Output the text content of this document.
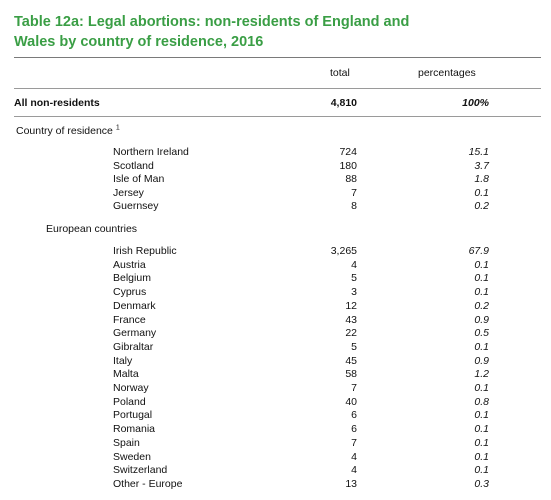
Table 12a: Legal abortions: non-residents of England and
Wales by country of residence, 2016
total	percentages
All non-residents	4,810	100%
Country of residence $^1$
Northern Ireland	724	15.1
Scotland	180	3.7
Isle of Man	88	1.8
Jersey	7	0.1
Guernsey	8	0.2
European countries
Irish Republic	3,265	67.9
Austria	4	0.1
Belgium	5	0.1
Cyprus	3	0.1
Denmark	12	0.2
France	43	0.9
Germany	22	0.5
Gibraltar	5	0.1
Italy	45	0.9
Malta	58	1.2
Norway	7	0.1
Poland	40	0.8
Portugal	6	0.1
Romania	6	0.1
Spain	7	0.1
Sweden	4	0.1
Switzerland	4	0.1
Other - Europe	13	0.3
